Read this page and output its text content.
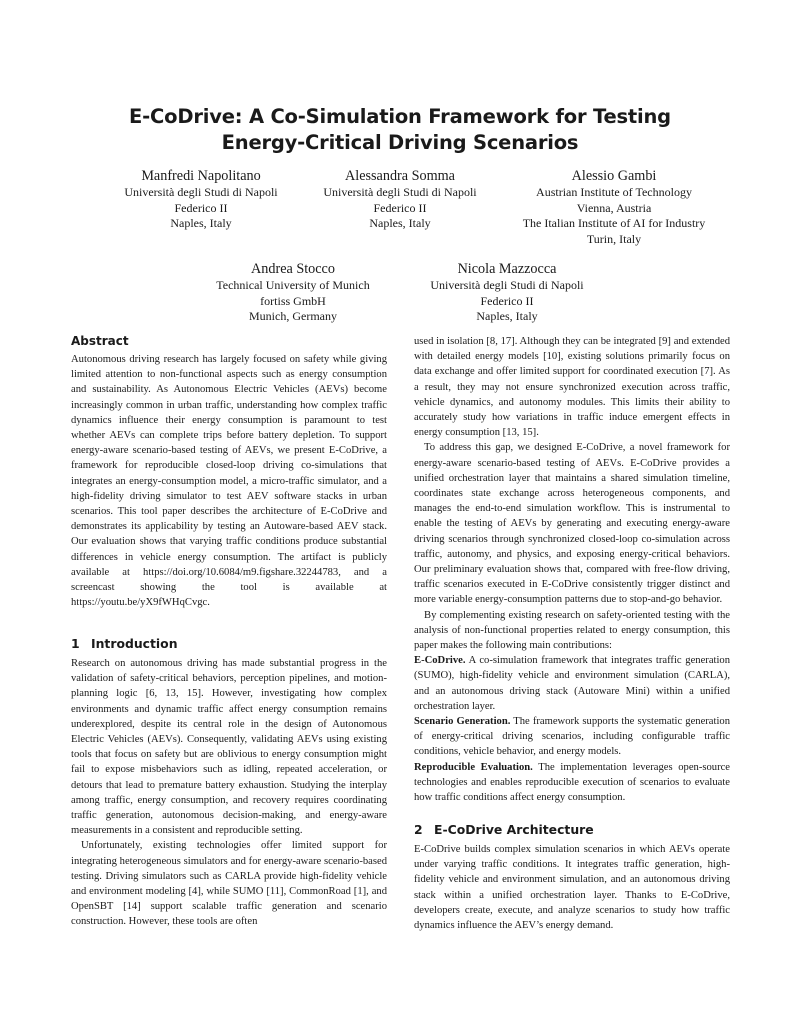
E-CoDrive: A Co-Simulation Framework for Testing
Energy-Critical Driving Scenarios
Manfredi Napolitano
Università degli Studi di Napoli
Federico II
Naples, Italy
Alessandra Somma
Università degli Studi di Napoli
Federico II
Naples, Italy
Alessio Gambi
Austrian Institute of Technology
Vienna, Austria
The Italian Institute of AI for Industry
Turin, Italy
Andrea Stocco
Technical University of Munich
fortiss GmbH
Munich, Germany
Nicola Mazzocca
Università degli Studi di Napoli
Federico II
Naples, Italy
Abstract

Autonomous driving research has largely focused on safety while giving limited attention to non-functional aspects such as energy consumption and sustainability. As Autonomous Electric Vehicles (AEVs) become increasingly common in urban traffic, understanding how complex traffic dynamics influence their energy consumption is paramount to test whether AEVs can complete trips before battery depletion. To support energy-aware scenario-based testing of AEVs, we present E-CoDrive, a framework for reproducible closed-loop driving co-simulations that integrates an energy-consumption model, a micro-traffic simulator, and a high-fidelity driving simulator to test AEV software stacks in urban scenarios. This tool paper describes the architecture of E-CoDrive and demonstrates its applicability by testing an Autoware-based AEV stack. Our evaluation shows that varying traffic conditions produce substantial differences in vehicle energy consumption. The artifact is publicly available at https://doi.org/10.6084/m9.figshare.32244783, and a screencast showing the tool is available at https://youtu.be/yX9fWHqCvgc.

1 Introduction

Research on autonomous driving has made substantial progress in the validation of safety-critical behaviors, perception pipelines, and motion-planning logic [6, 13, 15]. However, investigating how complex environments and dynamic traffic affect energy consumption remains underexplored, despite its central role in the design of Autonomous Electric Vehicles (AEVs). Consequently, validating AEVs using existing tools that focus on safety but are oblivious to energy consumption might fail to expose misbehaviors such as idling, repeated acceleration, or detours that lead to premature battery exhaustion. Studying the interplay among traffic, energy consumption, and recovery requires coordinating traffic generation, autonomous decision-making, and energy-aware measurements in a consistent and reproducible setting.

Unfortunately, existing technologies offer limited support for integrating heterogeneous simulators and for energy-aware scenario-based testing. Driving simulators such as CARLA provide high-fidelity vehicle and environment modeling [4], while SUMO [11], CommonRoad [1], and OpenSBT [14] support scalable traffic generation and scenario construction. However, these tools are often

used in isolation [8, 17]. Although they can be integrated [9] and extended with detailed energy models [10], existing solutions primarily focus on data exchange and offer limited support for coordinated execution [7]. As a result, they may not ensure synchronized execution across traffic, vehicle dynamics, and autonomy modules. This limits their ability to accurately study how variations in traffic induce emergent effects in energy consumption [13, 15].

To address this gap, we designed E-CoDrive, a novel framework for energy-aware scenario-based testing of AEVs. E-CoDrive provides a unified orchestration layer that maintains a shared simulation timeline, coordinates state exchange across heterogeneous components, and manages the end-to-end simulation workflow. This is instrumental to enable the testing of AEVs by generating and executing energy-aware driving scenarios through synchronized closed-loop co-simulation across traffic, autonomy, and physics, and exposing energy-critical behaviors. Our preliminary evaluation shows that, compared with free-flow driving, traffic scenarios executed in E-CoDrive consistently trigger distinct and more variable energy-consumption patterns due to stop-and-go behavior.

By complementing existing research on safety-oriented testing with the analysis of non-functional properties related to energy consumption, this paper makes the following main contributions:

E-CoDrive. A co-simulation framework that integrates traffic generation (SUMO), high-fidelity vehicle and environment simulation (CARLA), and an autonomous driving stack (Autoware Mini) within a unified orchestration layer.

Scenario Generation. The framework supports the systematic generation of energy-critical driving scenarios, including configurable traffic conditions, vehicle behavior, and energy models.

Reproducible Evaluation. The implementation leverages open-source technologies and enables reproducible execution of scenarios to evaluate how traffic conditions affect energy consumption.

2 E-CoDrive Architecture

E-CoDrive builds complex simulation scenarios in which AEVs operate under varying traffic conditions. It integrates traffic generation, high-fidelity vehicle and environment simulation, and an autonomous driving stack within a unified orchestration layer. Thanks to E-CoDrive, developers create, execute, and analyze scenarios to study how traffic dynamics influence the AEV’s energy demand.
